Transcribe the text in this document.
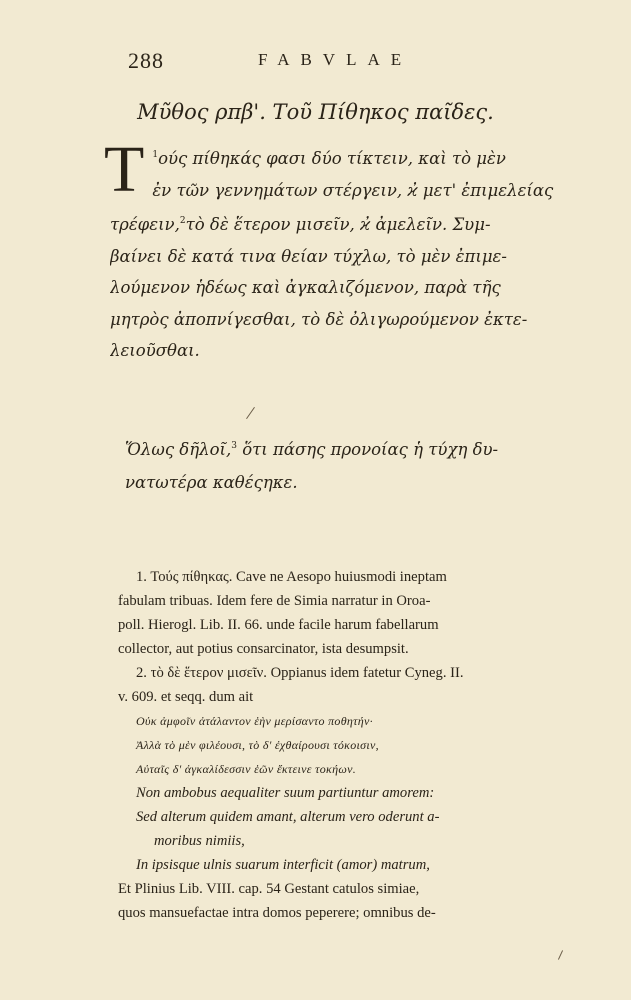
288	FABVLAE
Μῦθος ρπβ'. Τοῦ Πίθηκος παῖδες.
Τ $^1$ούς πίθηκάς φασι δύο τίκτειν, καὶ τὸ μὲν
ἐν τῶν γεννημάτων στέργειν, ϰ̓ μετ' ἐπιμελείας
τρέφειν,$^2$τὸ δὲ ἕτερον μισεῖν, ϰ̓ ἀμελεῖν. Συμ-
βαίνει δὲ κατά τινα θείαν τύχλω, τὸ μὲν ἐπιμε-
λούμενον ἡδέως καὶ ἀγκαλιζόμενον, παρὰ τῆς
μητρὸς ἀποπνίγεσθαι, τὸ δὲ ὀλιγωρούμενον ἐκτε-
λειοῦσθαι.
Ὅλως δῆλοῖ,$^3$ ὅτι πάσης προνοίας ἡ τύχη δυ-
νατωτέρα καθέςηκε.
1. Τούς πίθηκας. Cave ne Aesopo huiusmodi ineptam
fabulam tribuas. Idem fere de Simia narratur in Oroa-
poll. Hierogl. Lib. II. 66. unde facile harum fabellarum
collector, aut potius consarcinator, ista desumpsit.
2. τὸ δὲ ἕτερον μισεῖν. Oppianus idem fatetur Cyneg. II.
v. 609. et seqq. dum ait
Οὐκ ἀμφοῖν ἀτάλαντον ἑὴν μερίσαντο ποθητήν·
Ἀλλὰ τὸ μὲν φιλέουσι, τὸ δ' ἐχθαίρουσι τόκοισιν,
Αὐταῖς δ' ἀγκαλίδεσσιν ἑῶν ἔκτεινε τοκήων.
Non ambobus aequaliter suum partiuntur amorem:
Sed alterum quidem amant, alterum vero oderunt a-
moribus nimiis,
In ipsisque ulnis suarum interficit (amor) matrum,
Et Plinius Lib. VIII. cap. 54 Gestant catulos simiae,
quos mansuefactae intra domos peperere; omnibus de-
